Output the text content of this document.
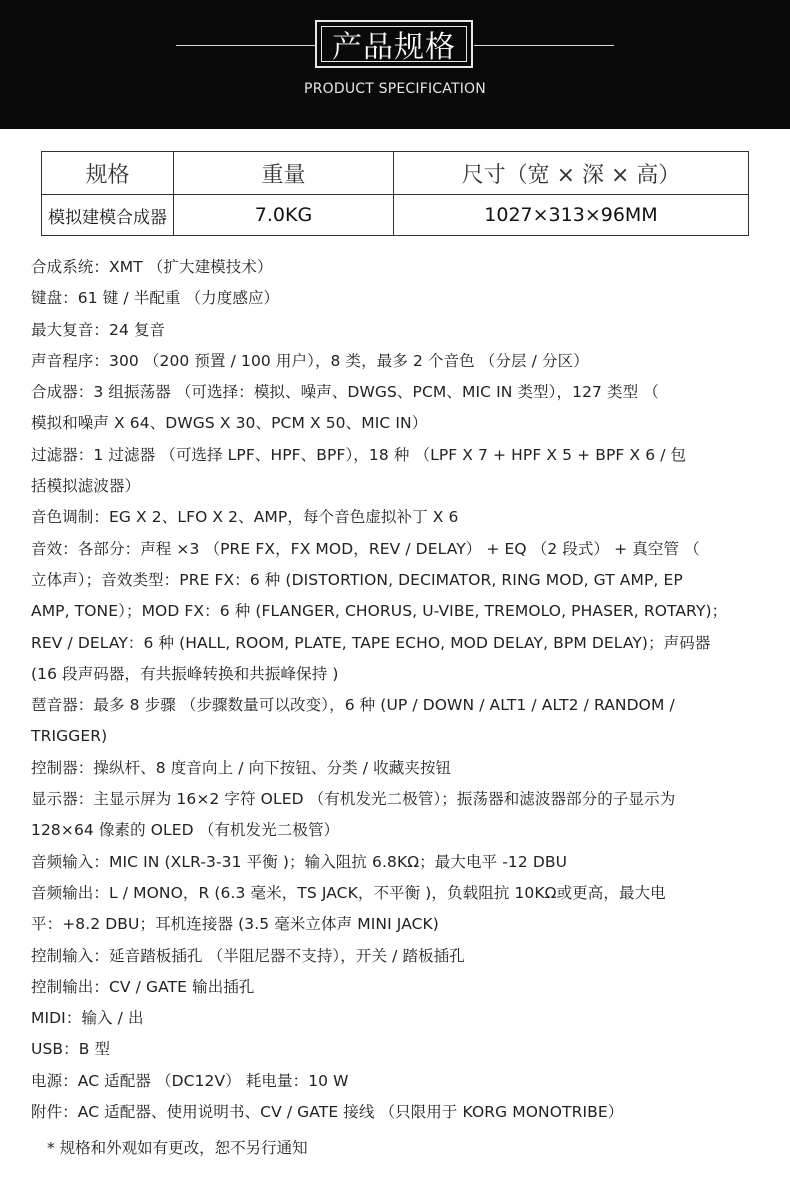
产品规格
PRODUCT SPECIFICATION
规格	重量	尺寸（宽 × 深 × 高）
模拟建模合成器	7.0KG	1027×313×96MM
合成系统：XMT （扩大建模技术）
键盘：61 键 / 半配重 （力度感应）
最大复音：24 复音
声音程序：300 （200 预置 / 100 用户），8 类，最多 2 个音色 （分层 / 分区）
合成器：3 组振荡器 （可选择：模拟、噪声、DWGS、PCM、MIC IN 类型），127 类型 （
模拟和噪声 X 64、DWGS X 30、PCM X 50、MIC IN）
过滤器：1 过滤器 （可选择 LPF、HPF、BPF），18 种 （LPF X 7 + HPF X 5 + BPF X 6 / 包
括模拟滤波器）
音色调制：EG X 2、LFO X 2、AMP，每个音色虚拟补丁 X 6
音效：各部分：声程 ×3 （PRE FX，FX MOD，REV / DELAY） + EQ （2 段式） + 真空管 （
立体声）；音效类型：PRE FX：6 种 (DISTORTION, DECIMATOR, RING MOD, GT AMP, EP
AMP, TONE）；MOD FX：6 种 (FLANGER, CHORUS, U-VIBE, TREMOLO, PHASER, ROTARY)；
REV / DELAY：6 种 (HALL, ROOM, PLATE, TAPE ECHO, MOD DELAY, BPM DELAY)；声码器
(16 段声码器，有共振峰转换和共振峰保持 )
琶音器：最多 8 步骤 （步骤数量可以改变），6 种 (UP / DOWN / ALT1 / ALT2 / RANDOM /
TRIGGER)
控制器：操纵杆、8 度音向上 / 向下按钮、分类 / 收藏夹按钮
显示器：主显示屏为 16×2 字符 OLED （有机发光二极管）；振荡器和滤波器部分的子显示为
128×64 像素的 OLED （有机发光二极管）
音频输入：MIC IN (XLR-3-31 平衡 )；输入阻抗 6.8KΩ；最大电平 -12 DBU
音频输出：L / MONO，R (6.3 毫米，TS JACK，不平衡 )，负载阻抗 10KΩ或更高，最大电
平：+8.2 DBU；耳机连接器 (3.5 毫米立体声 MINI JACK)
控制输入：延音踏板插孔 （半阻尼器不支持），开关 / 踏板插孔
控制输出：CV / GATE 输出插孔
MIDI：输入 / 出
USB：B 型
电源：AC 适配器 （DC12V） 耗电量：10 W
附件：AC 适配器、使用说明书、CV / GATE 接线 （只限用于 KORG MONOTRIBE）
* 规格和外观如有更改，恕不另行通知
